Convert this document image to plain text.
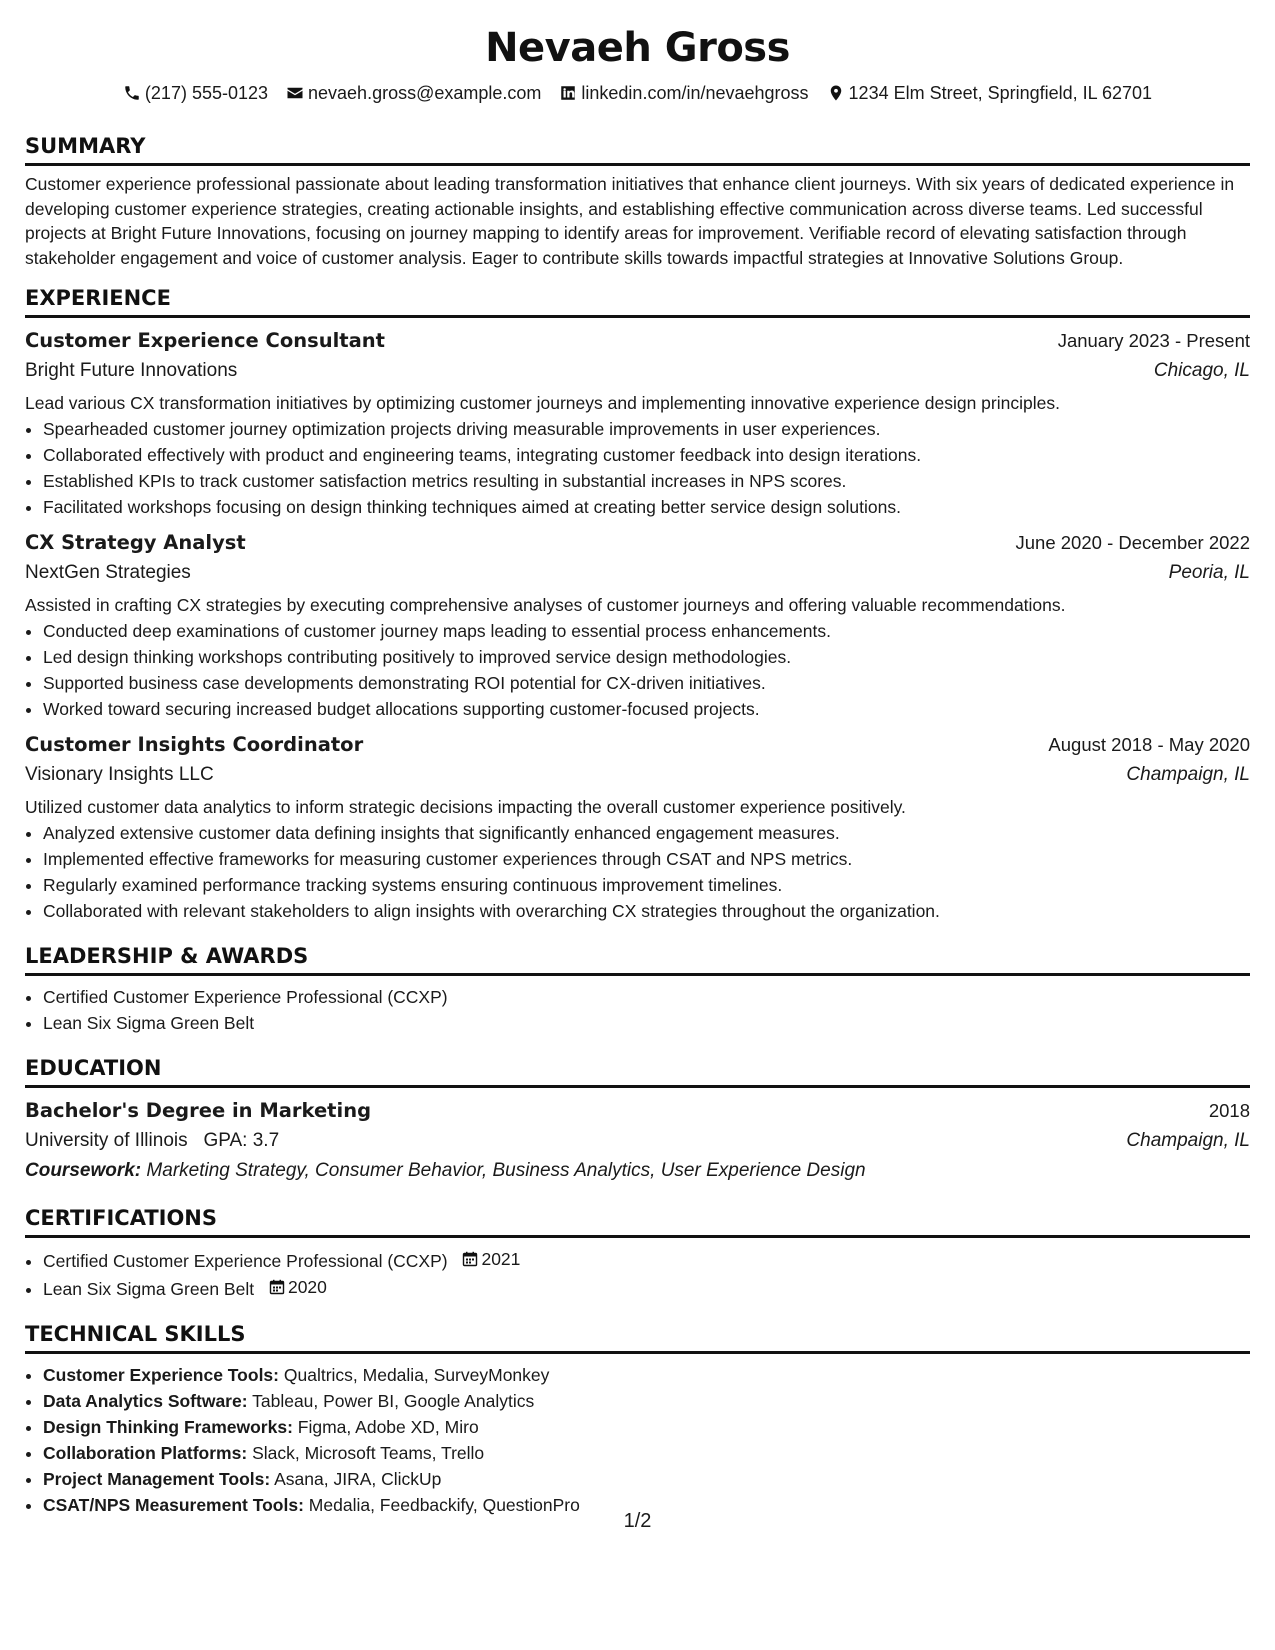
Nevaeh Gross
(217) 555-0123 nevaeh.gross@example.com linkedin.com/in/nevaehgross 1234 Elm Street, Springfield, IL 62701
SUMMARY
Customer experience professional passionate about leading transformation initiatives that enhance client journeys. With six years of dedicated experience in developing customer experience strategies, creating actionable insights, and establishing effective communication across diverse teams. Led successful projects at Bright Future Innovations, focusing on journey mapping to identify areas for improvement. Verifiable record of elevating satisfaction through stakeholder engagement and voice of customer analysis. Eager to contribute skills towards impactful strategies at Innovative Solutions Group.
EXPERIENCE
Customer Experience Consultant	January 2023 - Present
Bright Future Innovations	Chicago, IL
Lead various CX transformation initiatives by optimizing customer journeys and implementing innovative experience design principles.
• Spearheaded customer journey optimization projects driving measurable improvements in user experiences.
• Collaborated effectively with product and engineering teams, integrating customer feedback into design iterations.
• Established KPIs to track customer satisfaction metrics resulting in substantial increases in NPS scores.
• Facilitated workshops focusing on design thinking techniques aimed at creating better service design solutions.
CX Strategy Analyst	June 2020 - December 2022
NextGen Strategies	Peoria, IL
Assisted in crafting CX strategies by executing comprehensive analyses of customer journeys and offering valuable recommendations.
• Conducted deep examinations of customer journey maps leading to essential process enhancements.
• Led design thinking workshops contributing positively to improved service design methodologies.
• Supported business case developments demonstrating ROI potential for CX-driven initiatives.
• Worked toward securing increased budget allocations supporting customer-focused projects.
Customer Insights Coordinator	August 2018 - May 2020
Visionary Insights LLC	Champaign, IL
Utilized customer data analytics to inform strategic decisions impacting the overall customer experience positively.
• Analyzed extensive customer data defining insights that significantly enhanced engagement measures.
• Implemented effective frameworks for measuring customer experiences through CSAT and NPS metrics.
• Regularly examined performance tracking systems ensuring continuous improvement timelines.
• Collaborated with relevant stakeholders to align insights with overarching CX strategies throughout the organization.
LEADERSHIP & AWARDS
• Certified Customer Experience Professional (CCXP)
• Lean Six Sigma Green Belt
EDUCATION
Bachelor's Degree in Marketing	2018
University of Illinois GPA: 3.7	Champaign, IL
Coursework: Marketing Strategy, Consumer Behavior, Business Analytics, User Experience Design
CERTIFICATIONS
• Certified Customer Experience Professional (CCXP) 2021
• Lean Six Sigma Green Belt 2020
TECHNICAL SKILLS
• Customer Experience Tools: Qualtrics, Medalia, SurveyMonkey
• Data Analytics Software: Tableau, Power BI, Google Analytics
• Design Thinking Frameworks: Figma, Adobe XD, Miro
• Collaboration Platforms: Slack, Microsoft Teams, Trello
• Project Management Tools: Asana, JIRA, ClickUp
• CSAT/NPS Measurement Tools: Medalia, Feedbackify, QuestionPro
1/2
